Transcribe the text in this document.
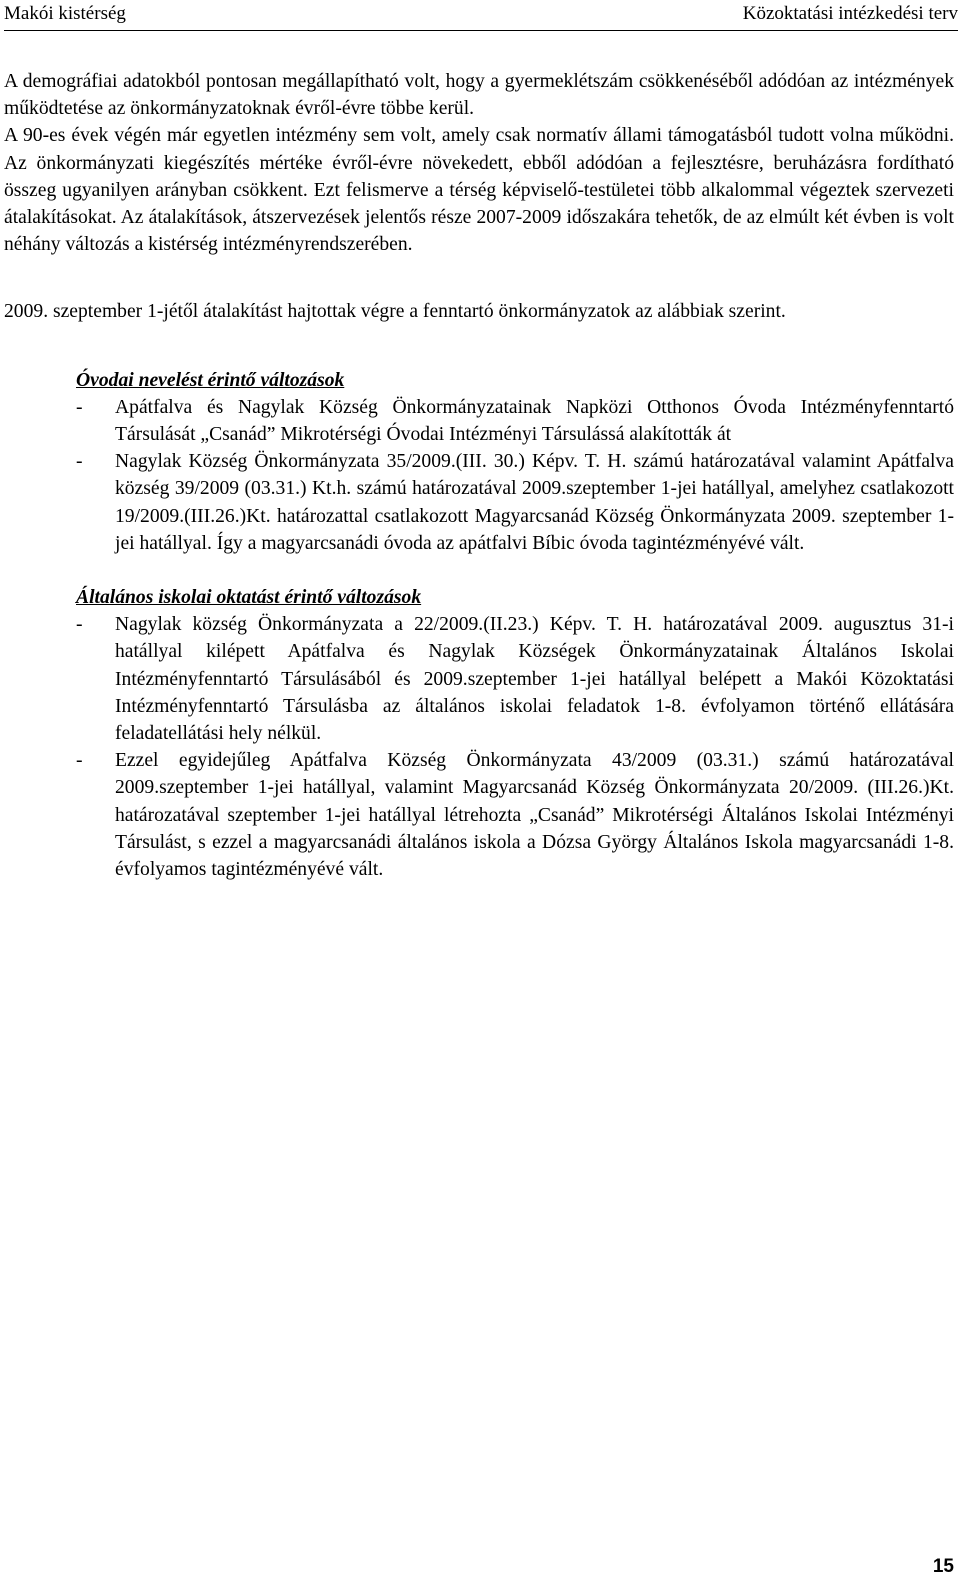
Makói kistérség	Közoktatási intézkedési terv

A demográfiai adatokból pontosan megállapítható volt, hogy a gyermeklétszám csökkenéséből adódóan az intézmények működtetése az önkormányzatoknak évről-évre többe kerül.

A 90-es évek végén már egyetlen intézmény sem volt, amely csak normatív állami támogatásból tudott volna működni. Az önkormányzati kiegészítés mértéke évről-évre növekedett, ebből adódóan a fejlesztésre, beruházásra fordítható összeg ugyanilyen arányban csökkent. Ezt felismerve a térség képviselő-testületei több alkalommal végeztek szervezeti átalakításokat. Az átalakítások, átszervezések jelentős része 2007-2009 időszakára tehetők, de az elmúlt két évben is volt néhány változás a kistérség intézményrendszerében.

2009. szeptember 1-jétől átalakítást hajtottak végre a fenntartó önkormányzatok az alábbiak szerint.

Óvodai nevelést érintő változások

- Apátfalva és Nagylak Község Önkormányzatainak Napközi Otthonos Óvoda Intézményfenntartó Társulását „Csanád” Mikrotérségi Óvodai Intézményi Társulássá alakították át
- Nagylak Község Önkormányzata 35/2009.(III. 30.) Képv. T. H. számú határozatával valamint Apátfalva község 39/2009 (03.31.) Kt.h. számú határozatával 2009.szeptember 1-jei hatállyal, amelyhez csatlakozott 19/2009.(III.26.)Kt. határozattal csatlakozott Magyarcsanád Község Önkormányzata 2009. szeptember 1-jei hatállyal. Így a magyarcsanádi óvoda az apátfalvi Bíbic óvoda tagintézményévé vált.

Általános iskolai oktatást érintő változások

- Nagylak község Önkormányzata a 22/2009.(II.23.) Képv. T. H. határozatával 2009. augusztus 31-i hatállyal kilépett Apátfalva és Nagylak Községek Önkormányzatainak Általános Iskolai Intézményfenntartó Társulásából és 2009.szeptember 1-jei hatállyal belépett a Makói Közoktatási Intézményfenntartó Társulásba az általános iskolai feladatok 1-8. évfolyamon történő ellátására feladatellátási hely nélkül.
- Ezzel egyidejűleg Apátfalva Község Önkormányzata 43/2009 (03.31.) számú határozatával 2009.szeptember 1-jei hatállyal, valamint Magyarcsanád Község Önkormányzata 20/2009. (III.26.)Kt. határozatával szeptember 1-jei hatállyal létrehozta „Csanád” Mikrotérségi Általános Iskolai Intézményi Társulást, s ezzel a magyarcsanádi általános iskola a Dózsa György Általános Iskola magyarcsanádi 1-8. évfolyamos tagintézményévé vált.
15
